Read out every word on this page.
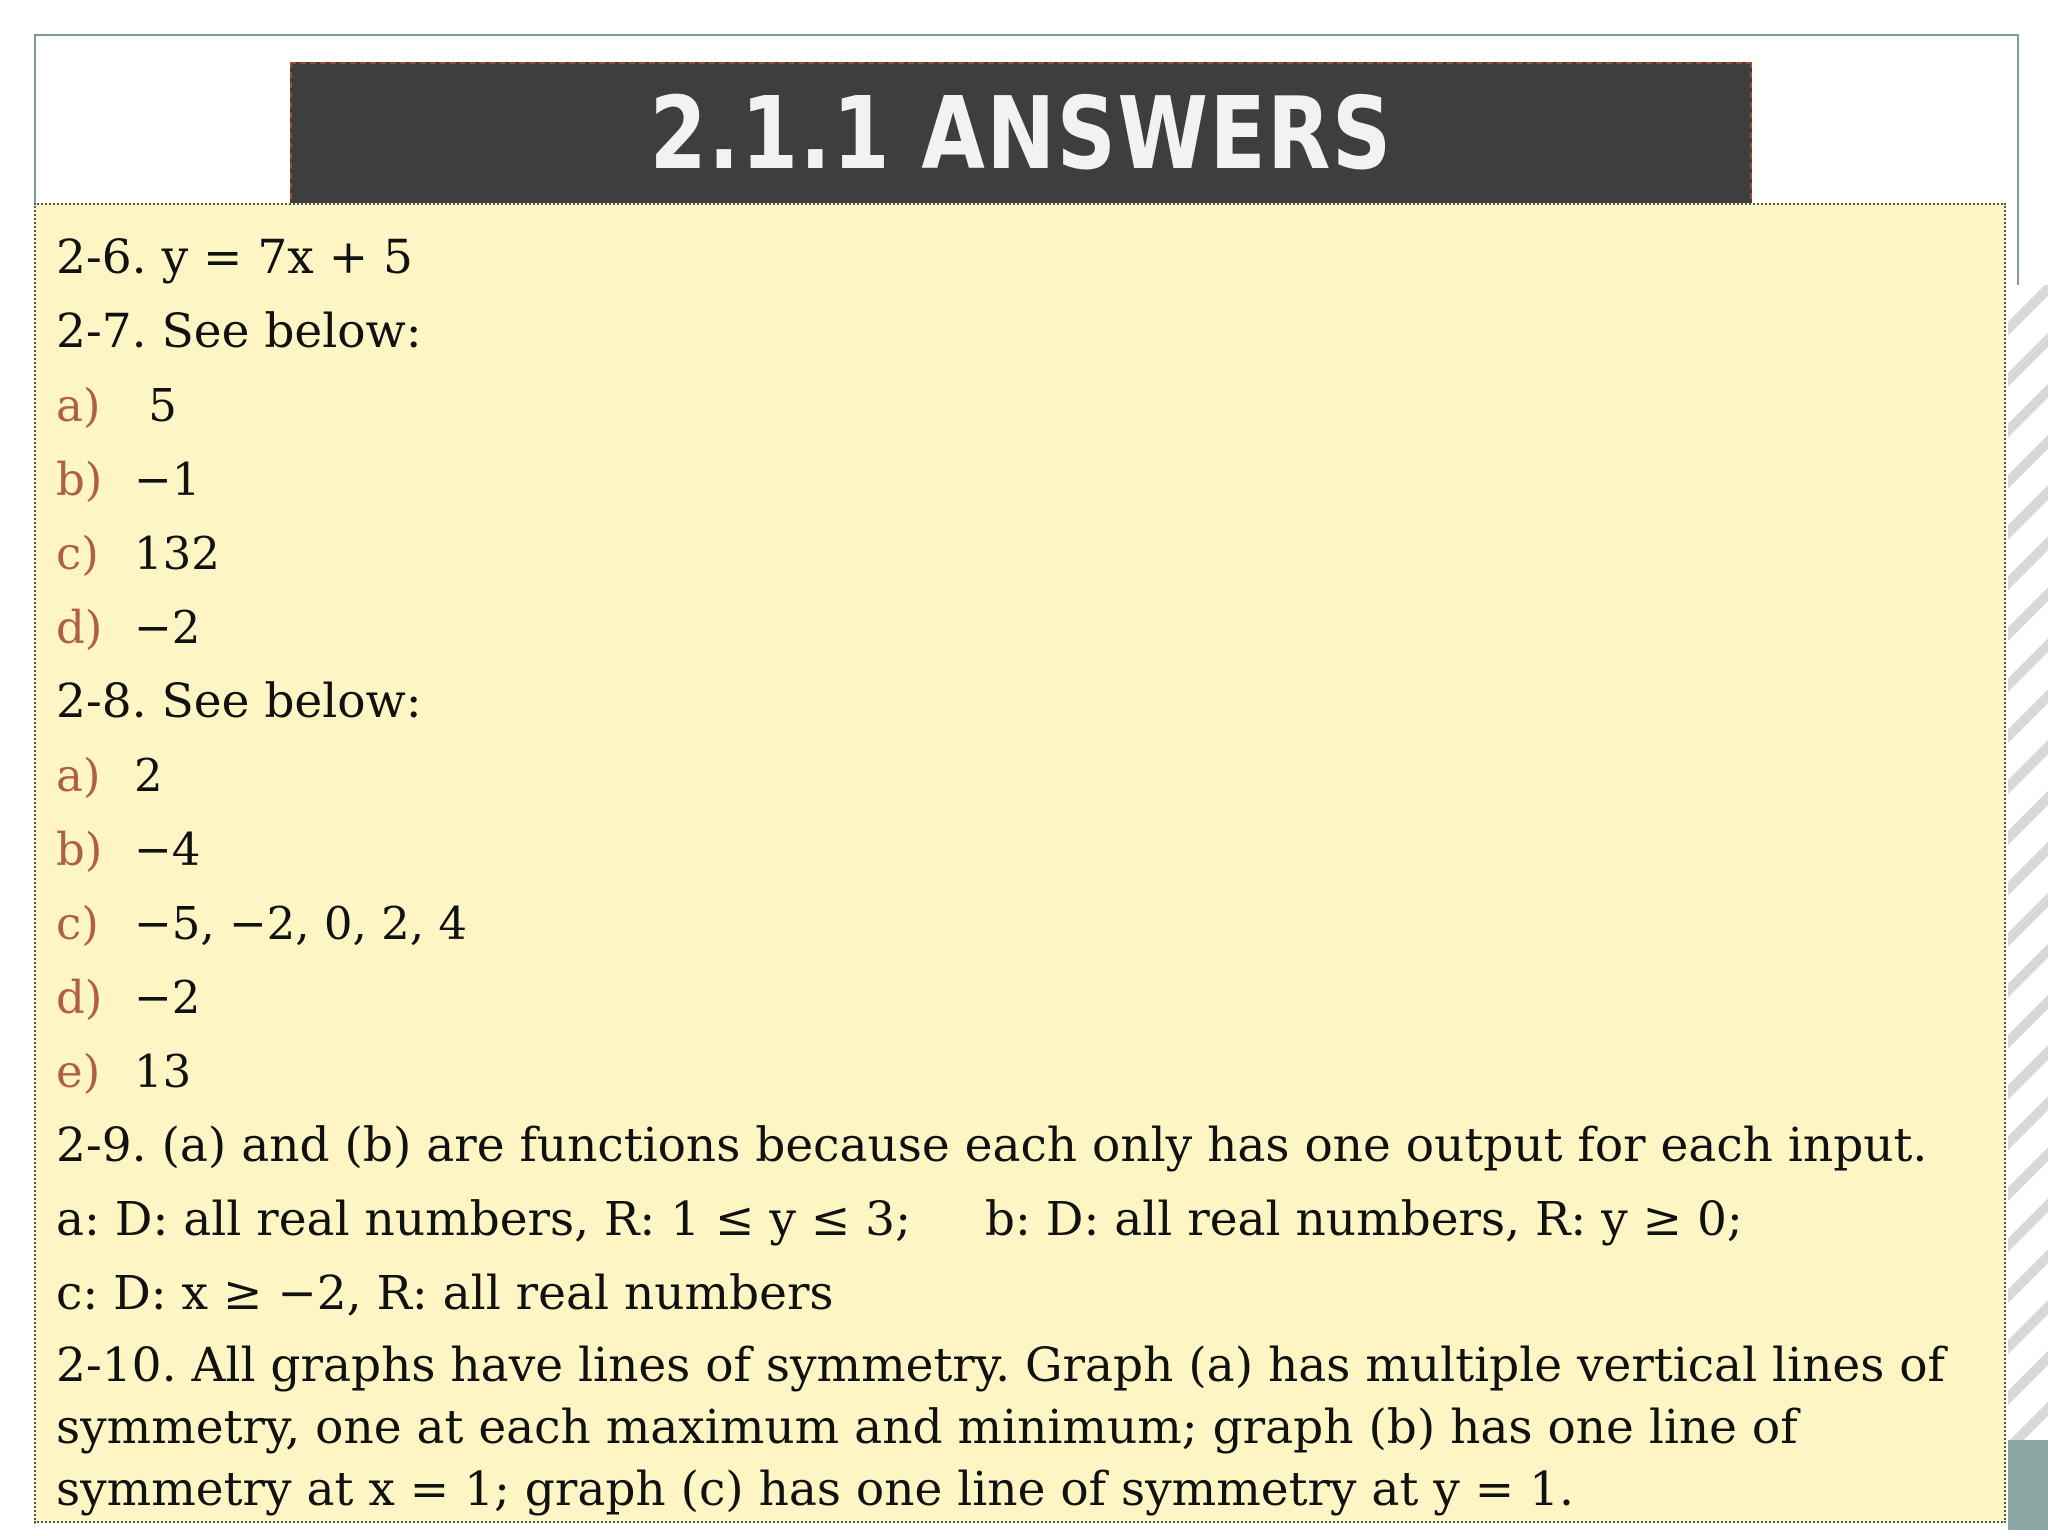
2.1.1 ANSWERS
2-6. y = 7x + 5
2-7. See below:
a) 5
b) −1
c) 132
d) −2
2-8. See below:
a) 2
b) −4
c) −5, −2, 0, 2, 4
d) −2
e) 13
2-9. (a) and (b) are functions because each only has one output for each input.
a: D: all real numbers, R: 1 ≤ y ≤ 3; b: D: all real numbers, R: y ≥ 0;
c: D: x ≥ −2, R: all real numbers
2-10. All graphs have lines of symmetry. Graph (a) has multiple vertical lines of symmetry, one at each maximum and minimum; graph (b) has one line of symmetry at x = 1; graph (c) has one line of symmetry at y = 1.
